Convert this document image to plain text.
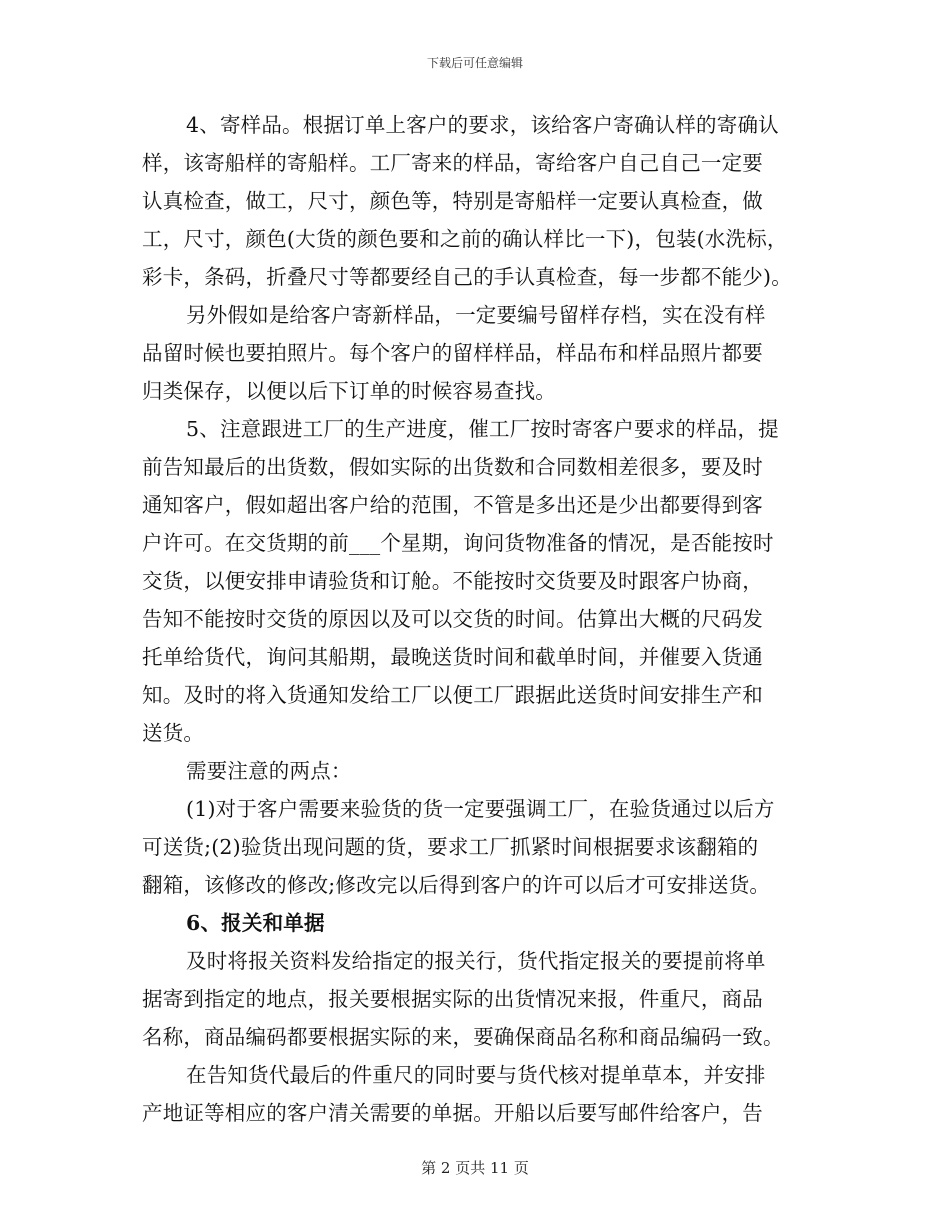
下载后可任意编辑
4、寄样品。根据订单上客户的要求，该给客户寄确认样的寄确认
样，该寄船样的寄船样。工厂寄来的样品，寄给客户自己自己一定要
认真检查，做工，尺寸，颜色等，特别是寄船样一定要认真检查，做
工，尺寸，颜色(大货的颜色要和之前的确认样比一下)，包装(水洗标，
彩卡，条码，折叠尺寸等都要经自己的手认真检查，每一步都不能少)。
另外假如是给客户寄新样品，一定要编号留样存档，实在没有样
品留时候也要拍照片。每个客户的留样样品，样品布和样品照片都要
归类保存，以便以后下订单的时候容易查找。
5、注意跟进工厂的生产进度，催工厂按时寄客户要求的样品，提
前告知最后的出货数，假如实际的出货数和合同数相差很多，要及时
通知客户，假如超出客户给的范围，不管是多出还是少出都要得到客
户许可。在交货期的前___个星期，询问货物准备的情况，是否能按时
交货，以便安排申请验货和订舱。不能按时交货要及时跟客户协商，
告知不能按时交货的原因以及可以交货的时间。估算出大概的尺码发
托单给货代，询问其船期，最晚送货时间和截单时间，并催要入货通
知。及时的将入货通知发给工厂以便工厂跟据此送货时间安排生产和
送货。
需要注意的两点：
(1)对于客户需要来验货的货一定要强调工厂，在验货通过以后方
可送货;(2)验货出现问题的货，要求工厂抓紧时间根据要求该翻箱的
翻箱，该修改的修改;修改完以后得到客户的许可以后才可安排送货。
6、报关和单据
及时将报关资料发给指定的报关行，货代指定报关的要提前将单
据寄到指定的地点，报关要根据实际的出货情况来报，件重尺，商品
名称，商品编码都要根据实际的来，要确保商品名称和商品编码一致。
在告知货代最后的件重尺的同时要与货代核对提单草本，并安排
产地证等相应的客户清关需要的单据。开船以后要写邮件给客户，告
第 2 页共 11 页
